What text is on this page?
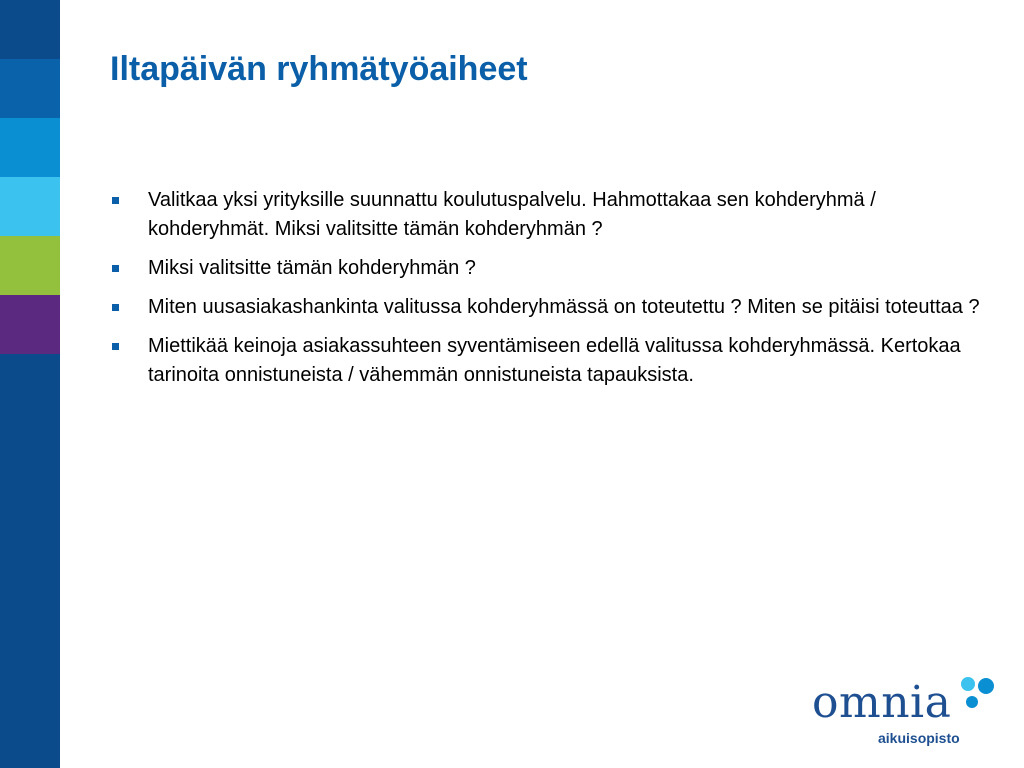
Iltapäivän ryhmätyöaiheet
Valitkaa yksi yrityksille suunnattu koulutuspalvelu. Hahmottakaa sen kohderyhmä / kohderyhmät. Miksi valitsitte tämän kohderyhmän ?
Miksi valitsitte tämän kohderyhmän ?
Miten uusasiakashankinta valitussa kohderyhmässä on toteutettu ? Miten se pitäisi toteuttaa ?
Miettikää keinoja asiakassuhteen syventämiseen edellä valitussa kohderyhmässä. Kertokaa tarinoita onnistuneista / vähemmän onnistuneista tapauksista.
omnia
aikuisopisto
